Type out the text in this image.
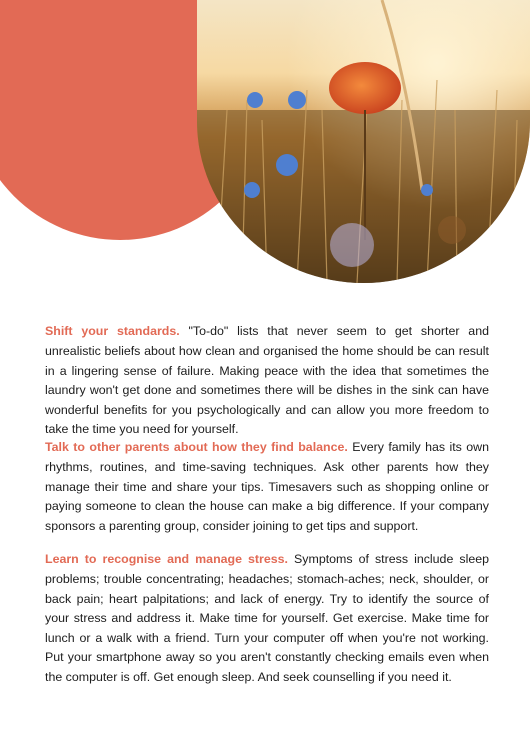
Shift your standards. "To-do" lists that never seem to get shorter and unrealistic beliefs about how clean and organised the home should be can result in a lingering sense of failure. Making peace with the idea that sometimes the laundry won't get done and sometimes there will be dishes in the sink can have wonderful benefits for you psychologically and can allow you more freedom to take the time you need for yourself.

Talk to other parents about how they find balance. Every family has its own rhythms, routines, and time-saving techniques. Ask other parents how they manage their time and share your tips. Timesavers such as shopping online or paying someone to clean the house can make a big difference. If your company sponsors a parenting group, consider joining to get tips and support.

Learn to recognise and manage stress. Symptoms of stress include sleep problems; trouble concentrating; headaches; stomach-aches; neck, shoulder, or back pain; heart palpitations; and lack of energy. Try to identify the source of your stress and address it. Make time for yourself. Get exercise. Make time for lunch or a walk with a friend. Turn your computer off when you're not working. Put your smartphone away so you aren't constantly checking emails even when the computer is off. Get enough sleep. And seek counselling if you need it.
